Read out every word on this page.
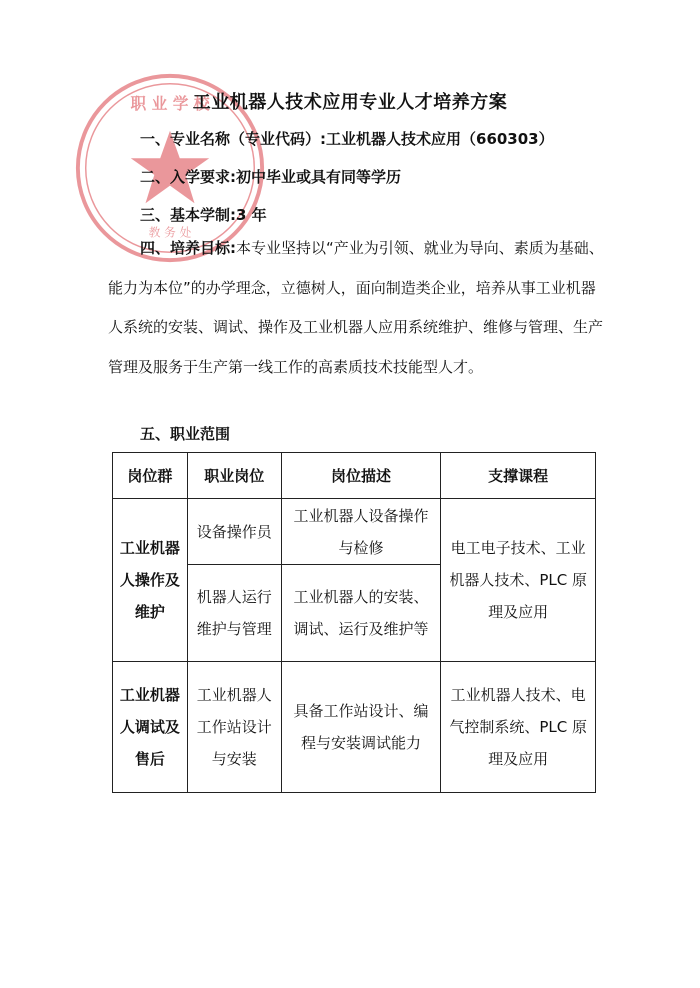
职 业 学 校
教 务 处
工业机器人技术应用专业人才培养方案
一、专业名称（专业代码）:工业机器人技术应用（660303）
二、入学要求:初中毕业或具有同等学历
三、基本学制:3 年

四、培养目标:本专业坚持以“产业为引领、就业为导向、素质为基础、能力为本位”的办学理念，立德树人，面向制造类企业，培养从事工业机器人系统的安装、调试、操作及工业机器人应用系统维护、维修与管理、生产管理及服务于生产第一线工作的高素质技术技能型人才。

五、职业范围
岗位群	职业岗位	岗位描述	支撑课程
工业机器人操作及维护	设备操作员	工业机器人设备操作与检修	电工电子技术、工业机器人技术、PLC 原理及应用
	机器人运行维护与管理	工业机器人的安装、调试、运行及维护等	
工业机器人调试及售后	工业机器人工作站设计与安装	具备工作站设计、编程与安装调试能力	工业机器人技术、电气控制系统、PLC 原理及应用
